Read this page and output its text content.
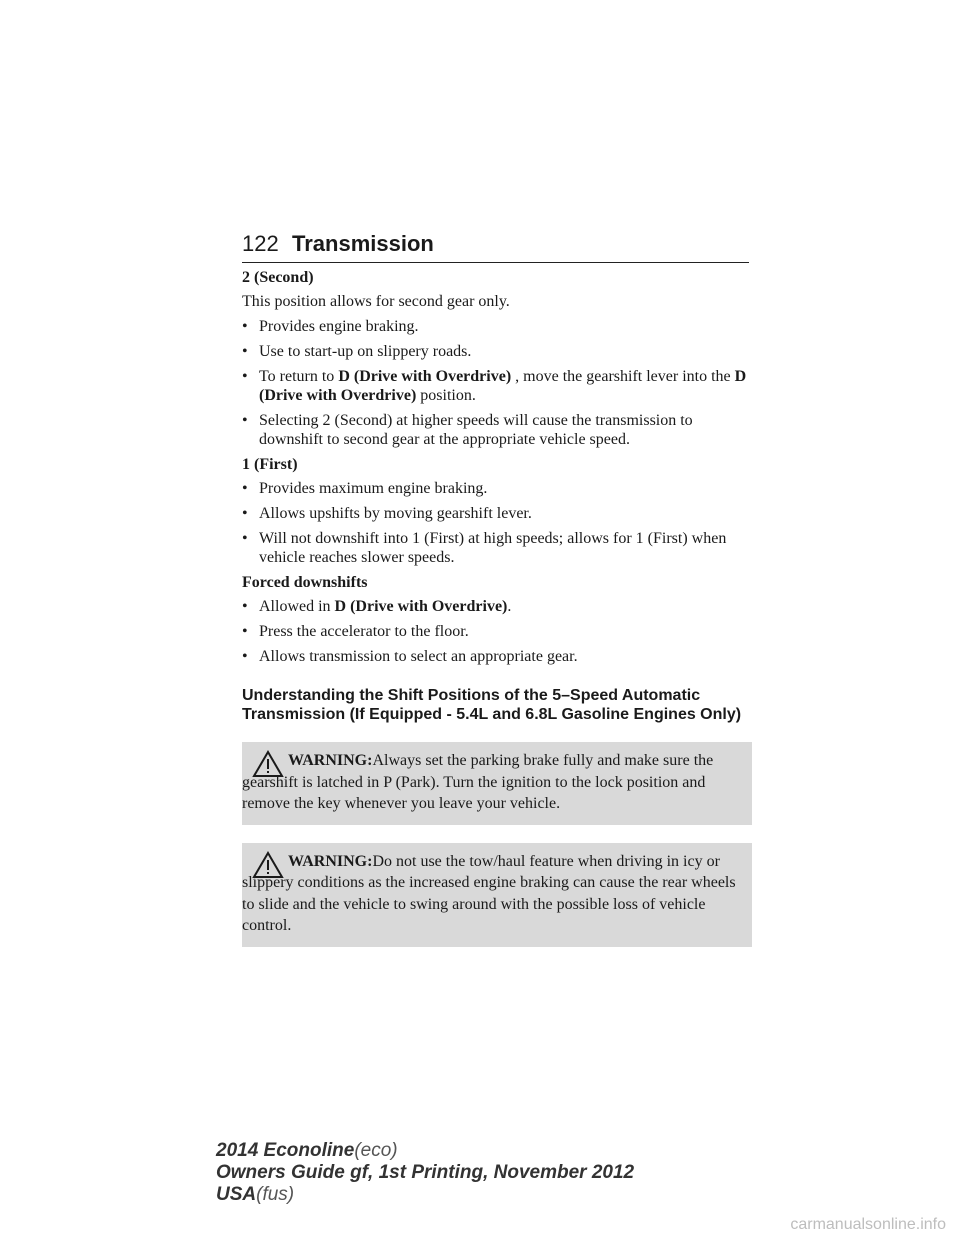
122 Transmission
2 (Second)
This position allows for second gear only.
• Provides engine braking.
• Use to start-up on slippery roads.
• To return to D (Drive with Overdrive) , move the gearshift lever into the D (Drive with Overdrive) position.
• Selecting 2 (Second) at higher speeds will cause the transmission to downshift to second gear at the appropriate vehicle speed.
1 (First)
• Provides maximum engine braking.
• Allows upshifts by moving gearshift lever.
• Will not downshift into 1 (First) at high speeds; allows for 1 (First) when vehicle reaches slower speeds.
Forced downshifts
• Allowed in D (Drive with Overdrive).
• Press the accelerator to the floor.
• Allows transmission to select an appropriate gear.
Understanding the Shift Positions of the 5–Speed Automatic Transmission (If Equipped - 5.4L and 6.8L Gasoline Engines Only)
WARNING:Always set the parking brake fully and make sure the gearshift is latched in P (Park). Turn the ignition to the lock position and remove the key whenever you leave your vehicle.
WARNING:Do not use the tow/haul feature when driving in icy or slippery conditions as the increased engine braking can cause the rear wheels to slide and the vehicle to swing around with the possible loss of vehicle control.
2014 Econoline(eco)
Owners Guide gf, 1st Printing, November 2012
USA(fus)
carmanualsonline.info
